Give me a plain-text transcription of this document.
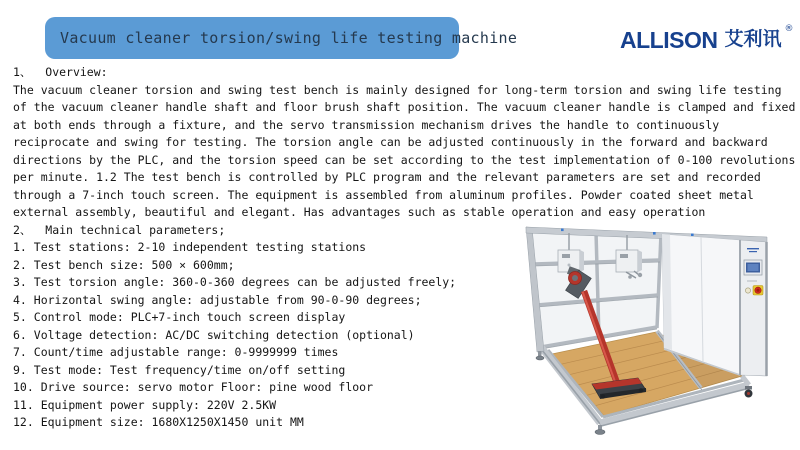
Vacuum cleaner torsion/swing life testing machine	ALLISON 艾利讯 ®
1、  Overview:
The vacuum cleaner torsion and swing test bench is mainly designed for long-term torsion and swing life testing
of the vacuum cleaner handle shaft and floor brush shaft position. The vacuum cleaner handle is clamped and fixed
at both ends through a fixture, and the servo transmission mechanism drives the handle to continuously
reciprocate and swing for testing. The torsion angle can be adjusted continuously in the forward and backward
directions by the PLC, and the torsion speed can be set according to the test implementation of 0-100 revolutions
per minute. 1.2 The test bench is controlled by PLC program and the relevant parameters are set and recorded
through a 7-inch touch screen. The equipment is assembled from aluminum profiles. Powder coated sheet metal
external assembly, beautiful and elegant. Has advantages such as stable operation and easy operation
2、  Main technical parameters;
1. Test stations: 2-10 independent testing stations
2. Test bench size: 500 × 600mm;
3. Test torsion angle: 360-0-360 degrees can be adjusted freely;
4. Horizontal swing angle: adjustable from 90-0-90 degrees;
5. Control mode: PLC+7-inch touch screen display
6. Voltage detection: AC/DC switching detection (optional)
7. Count/time adjustable range: 0-9999999 times
9. Test mode: Test frequency/time on/off setting
10. Drive source: servo motor Floor: pine wood floor
11. Equipment power supply: 220V 2.5KW
12. Equipment size: 1680X1250X1450 unit MM
